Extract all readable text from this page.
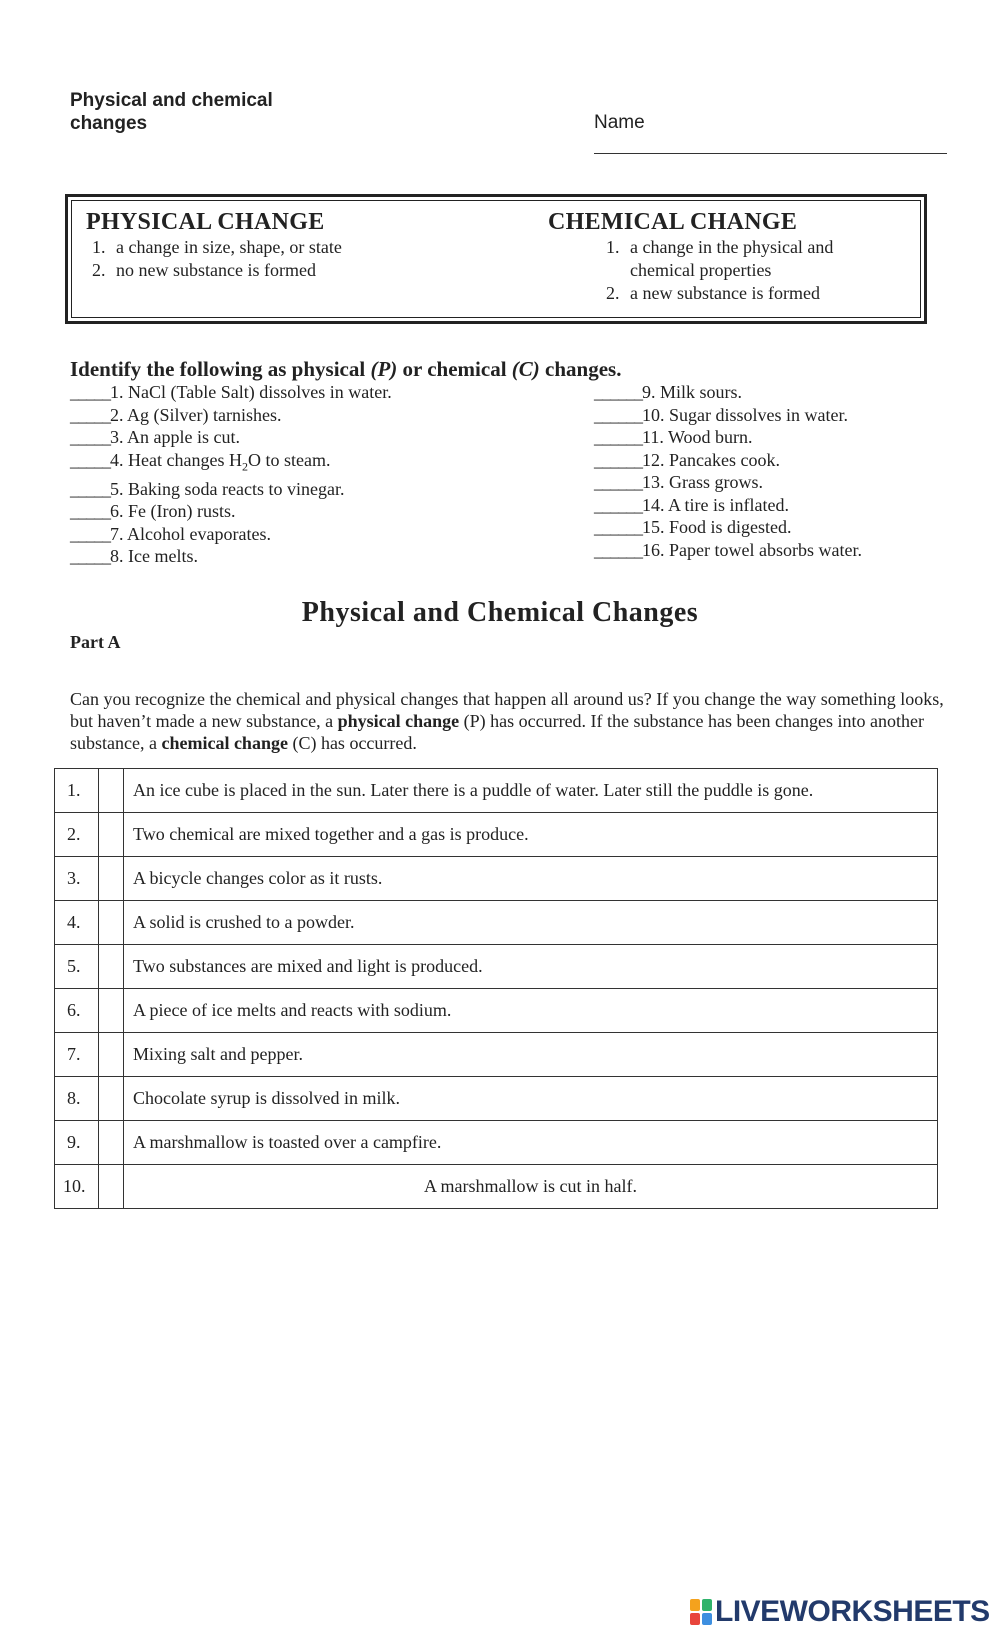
Physical and chemical changes	Name
PHYSICAL CHANGE
1. a change in size, shape, or state
2. no new substance is formed
CHEMICAL CHANGE
1. a change in the physical and chemical properties
2. a new substance is formed
Identify the following as physical (P) or chemical (C) changes.
_____1. NaCl (Table Salt) dissolves in water.
_____2. Ag (Silver) tarnishes.
_____3. An apple is cut.
_____4. Heat changes $H_2O$ to steam.
_____5. Baking soda reacts to vinegar.
_____6. Fe (Iron) rusts.
_____7. Alcohol evaporates.
_____8. Ice melts.
______9. Milk sours.
______10. Sugar dissolves in water.
______11. Wood burn.
______12. Pancakes cook.
______13. Grass grows.
______14. A tire is inflated.
______15. Food is digested.
______16. Paper towel absorbs water.
Physical and Chemical Changes
Part A
Can you recognize the chemical and physical changes that happen all around us? If you change the way something looks, but haven’t made a new substance, a physical change (P) has occurred. If the substance has been changes into another substance, a chemical change (C) has occurred.
1.		An ice cube is placed in the sun. Later there is a puddle of water. Later still the puddle is gone.
2.		Two chemical are mixed together and a gas is produce.
3.		A bicycle changes color as it rusts.
4.		A solid is crushed to a powder.
5.		Two substances are mixed and light is produced.
6.		A piece of ice melts and reacts with sodium.
7.		Mixing salt and pepper.
8.		Chocolate syrup is dissolved in milk.
9.		A marshmallow is toasted over a campfire.
10.		A marshmallow is cut in half.
LIVEWORKSHEETS
